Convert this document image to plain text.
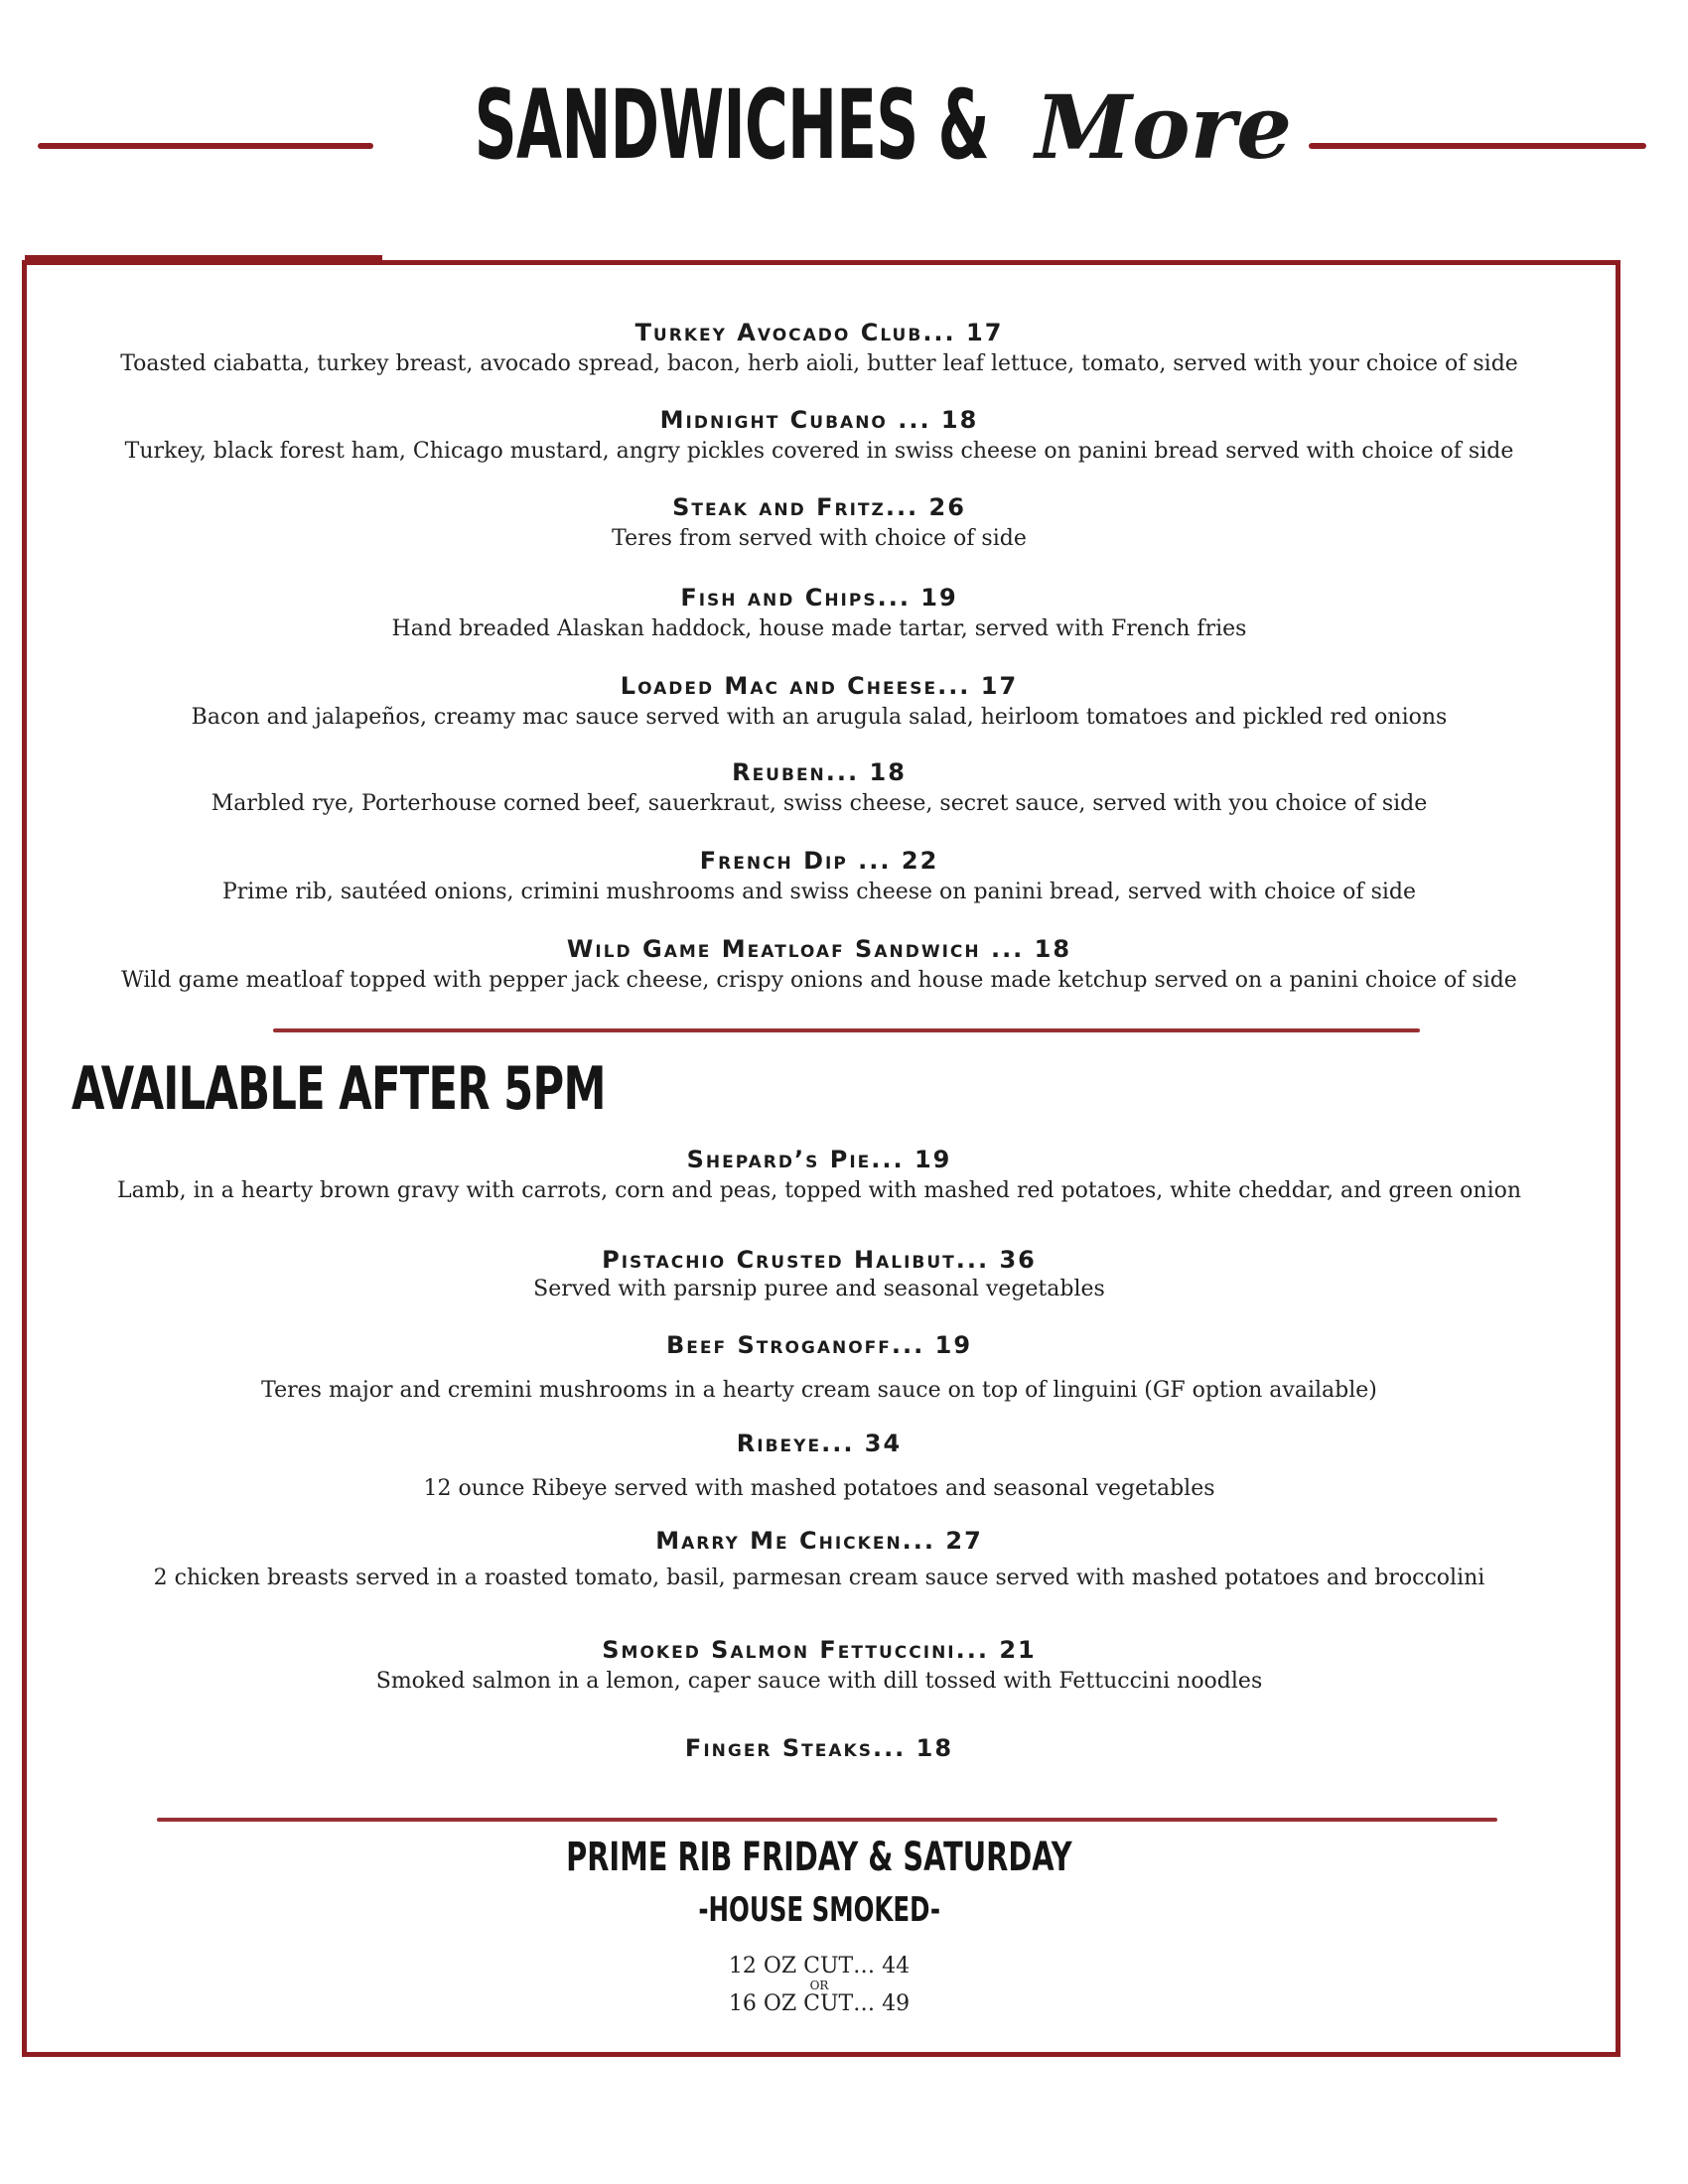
SANDWICHES & More
Turkey Avocado Club... 17
Toasted ciabatta, turkey breast, avocado spread, bacon, herb aioli, butter leaf lettuce, tomato, served with your choice of side
Midnight Cubano ... 18
Turkey, black forest ham, Chicago mustard, angry pickles covered in swiss cheese on panini bread served with choice of side
Steak and Fritz... 26
Teres from served with choice of side
Fish and Chips... 19
Hand breaded Alaskan haddock, house made tartar, served with French fries
Loaded Mac and Cheese... 17
Bacon and jalapeños, creamy mac sauce served with an arugula salad, heirloom tomatoes and pickled red onions
Reuben... 18
Marbled rye, Porterhouse corned beef, sauerkraut, swiss cheese, secret sauce, served with you choice of side
French Dip ... 22
Prime rib, sautéed onions, crimini mushrooms and swiss cheese on panini bread, served with choice of side
Wild Game Meatloaf Sandwich ... 18
Wild game meatloaf topped with pepper jack cheese, crispy onions and house made ketchup served on a panini choice of side
AVAILABLE AFTER 5PM
Shepard’s Pie... 19
Lamb, in a hearty brown gravy with carrots, corn and peas, topped with mashed red potatoes, white cheddar, and green onion
Pistachio Crusted Halibut... 36
Served with parsnip puree and seasonal vegetables
Beef Stroganoff... 19
Teres major and cremini mushrooms in a hearty cream sauce on top of linguini (GF option available)
Ribeye... 34
12 ounce Ribeye served with mashed potatoes and seasonal vegetables
Marry Me Chicken... 27
2 chicken breasts served in a roasted tomato, basil, parmesan cream sauce served with mashed potatoes and broccolini
Smoked Salmon Fettuccini... 21
Smoked salmon in a lemon, caper sauce with dill tossed with Fettuccini noodles
Finger Steaks... 18
PRIME RIB FRIDAY & SATURDAY
-HOUSE SMOKED-
12 OZ CUT… 44
OR
16 OZ CUT… 49
